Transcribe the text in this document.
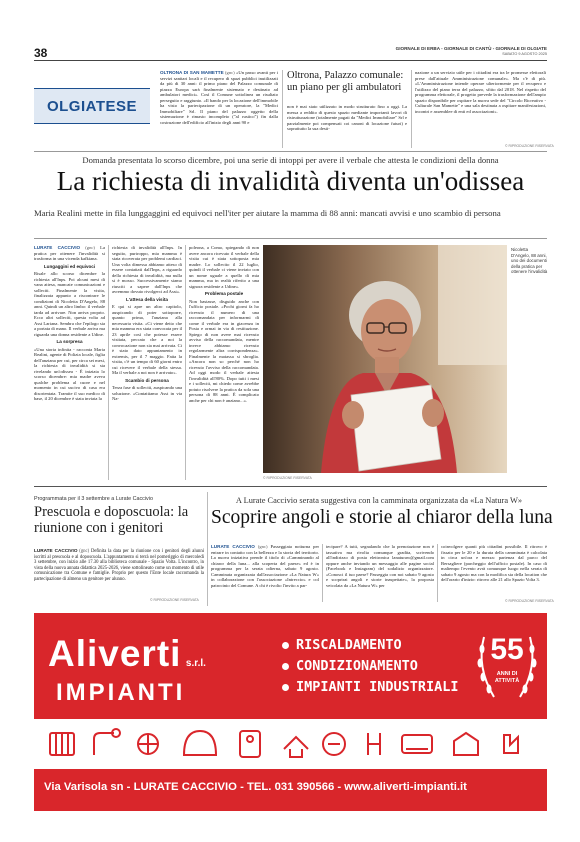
38	GIORNALE DI ERBA - GIORNALE DI CANTÙ - GIORNALE DI OLGIATE
SABATO 9 AGOSTO 2025
OLGIATESE

OLTRONA DI SAN MAMETTE (gnc) «Un passo avanti per i servizi sanitari locali e il recupero di spazi pubblici inutilizzati da più di 30 anni: il primo piano del Palazzo comunale di piazza Europa sarà finalmente sistemato e destinato ad ambulatori medici». Così il Comune sottolinea un risultato perseguito e raggiunto. «Il bando per la locazione dell'immobile ha visto la partecipazione di un operatore, la "Medici Immobiliare" Srl. Il piano del palazzo oggetto della sistemazione è rimasto incompleto ("al rustico") fin dalla costruzione dell'edificio all'inizio degli anni 90 e

Oltrona, Palazzo comunale: un piano per gli ambulatori
non è mai stato utilizzato in modo strutturato fino a oggi. La messa a reddito di questo spazio mediante importanti lavori di ristrutturazione (totalmente pagati da "Medici Immobiliare" Srl e parzialmente poi compensati coi canoni di locazione futuri) e soprattutto la sua desti-
nazione a un servizio utile per i cittadini era tra le promesse elettorali prese dall'attuale Amministrazione comunale». Ma c'è di più. «L'Amministrazione intende operare ulteriormente per il recupero e l'utilizzo del piano terra del palazzo, sfitto dal 2018. Nel rispetto del programma elettorale, il progetto prevede la trasformazione dell'ampio spazio disponibile per ospitare la nuova sede del "Circolo Ricreativo - Culturale San Mamette" e una sala destinata a ospitare manifestazioni, incontri e assemblee di enti ed associazioni».
© RIPRODUZIONE RISERVATA
Domanda presentata lo scorso dicembre, poi una serie di intoppi per avere il verbale che attesta le condizioni della donna
La richiesta di invalidità diventa un'odissea
Maria Realini mette in fila lunggaggini ed equivoci nell'iter per aiutare la mamma di 88 anni: mancati avvisi e uno scambio di persona

LURATE CACCIVIO (gnc) La pratica per ottenere l'invalidità si trasforma in una vicenda kafkiana.

Lungaggini ed equivoci

Risale allo scorso dicembre la richiesta all'Inps. Poi alcuni mesi di vana attesa, mancate comunicazioni e solleciti. Finalmente la visita, finalizzata appunto a riscontrare le condizioni di Nicoletta D'Angelo, 88 anni. Quindi un altro limbo: il verbale tarda ad arrivare. Non arriva proprio. Ecco altri solleciti, questa volta ad Asst Lariana. Sembra che l'epilogo sia a portata di mano. Il verbale arriva ma riguarda una donna residente a Udine.

La sorpresa

«Una storia infinita - racconta Maria Realini, agente di Polizia locale, figlia dell'anziana per cui, per circa sei mesi, la richiesta di invalidità si sta rivelando un'odissea - È iniziata lo scorso dicembre: mia madre aveva qualche problema al cuore e nel momento in cui uscivo di casa era disorientata. Tramite il suo medico di base, il 20 dicembre è stata inviata la

richiesta di invalidità all'Inps. In seguito, purtroppo, mia mamma è stata ricoverata per problemi cardiaci. Una volta dimessa abbiamo atteso di essere contattati dall'Inps, a riguardo della richiesta di invalidità, ma nulla si è mosso. Successivamente siamo riusciti a sapere dall'Inps che avremmo dovuto rivolgerci ad Asst».

L'attesa della visita

E qui si apre un altro capitolo, auspicando di poter sottoporre, quanto prima, l'anziana alla necessaria visita. «Ci viene detto che mia mamma era stata convocata per il 23 aprile così che potesse essere visitata, peccato che a noi la convocazione non sia mai arrivata. Ci è stato dato appuntamento in extremis, per il 7 maggio. Fatta la visita, c'è un tempo di 60 giorni entro cui ricevere il verbale della stessa. Ma il verbale a noi non è arrivato».

Scambio di persona

Terza fase di solleciti, auspicando una soluzione. «Contattiamo Asst in via Na-

poleona, a Como, spiegando di non avere ancora ricevuto il verbale della visita cui è stata sottoposta mia madre. Lo sollecito il 22 luglio, quindi il verbale ci viene inviato con un nome uguale a quello di mia mamma, ma in realtà riferito a una signora residente a Udine».

Problema postale

Non bastasse, disguido anche con l'ufficio postale. «Pochi giorni fa ho ricevuto il numero di una raccomandata per informarmi di come il verbale era in giacenza in Posta e ormai in via di restituzione. Spiego di non avere mai ricevuto avviso della raccomandata, mentre invece abbiamo ricevuto regolarmente altra corrispondenza». Finalmente la matassa si sbroglia. «Ancora non so perché non ho ricevuto l'avviso della raccomandata. Ad oggi modo il verbale attesta l'invalidità all'80%. Dopo tutti i mesi e i solleciti, mi chiedo come avrebbe potuto risolvere la pratica da sola una persona di 88 anni. È complicato anche per chi non è anziano...».

© RIPRODUZIONE RISERVATA
Nicoletta D'Angelo, 88 anni, uno dei documenti della pratica per ottenere l'invalidità
Programmata per il 3 settembre a Lurate Caccivio
Prescuola e doposcuola: la riunione con i genitori

LURATE CACCIVIO (gnc) Definita la data per la riunione con i genitori degli alunni iscritti al prescuola e al doposcuola. L'appuntamento si terrà nel pomeriggio di mercoledì 3 settembre, con inizio alle 17.30 alla biblioteca comunale - Spazio Volta. L'incontro, in vista della nuova annata didattica 2025-2026, viene sottolineato come un momento di utile comunicazione tra Comune e famiglie. Proprio per questo l'Ente locale raccomanda la partecipazione di almeno un genitore per alunno.

© RIPRODUZIONE RISERVATA
A Lurate Caccivio serata suggestiva con la camminata organizzata da «La Natura W»
Scoprire angoli e storie al chiaror della luna

LURATE CACCIVIO (gnc) Passeggiata notturna per entrare in contatto con la bellezza e la storia del territorio. La nuova iniziativa prende il titolo di «Camminando al chiaror della luna... alla scoperta del paese» ed è in programma per la serata odierna, sabato 9 agosto. Camminata organizzata dall'associazione «La Natura W» in collaborazione con l'associazione «Intreccio» e col patrocinio del Comune. A chi è rivolto l'invito a par-

tecipare? A tutti, segnalando che la prenotazione non è tassativa ma rivolta comunque gradita, scrivendo all'indirizzo di posta elettronica lanaturaw@gmail.com oppure anche inviando un messaggio alle pagine social (Facebook e Instagram) del sodalizio organizzatore. «Conosci il tuo paese? Passeggia con noi sabato 9 agosto e scoprirai angoli e storie inaspettate», la proposta veicolata da «La Natura W» per
coinvolgere quanti più cittadini possibile. Il ritrovo è fissato per le 20 e la durata della camminata è calcolata in circa un'ora e mezza: partenza dal parco del Bersagliere (parcheggio dell'ufficio postale). In caso di maltempo l'evento avrà comunque luogo nella serata di sabato 9 agosto ma con la modifica sia della location che dell'orario d'inizio: ritrovo alle 21 allo Spazio Volta 3.
© RIPRODUZIONE RISERVATA
Aliverti s.r.l.
IMPIANTI
RISCALDAMENTO
CONDIZIONAMENTO
IMPIANTI INDUSTRIALI
55
ANNI DI ATTIVITÀ
Via Varisola sn - LURATE CACCIVIO - TEL. 031 390566 - www.aliverti-impianti.it
